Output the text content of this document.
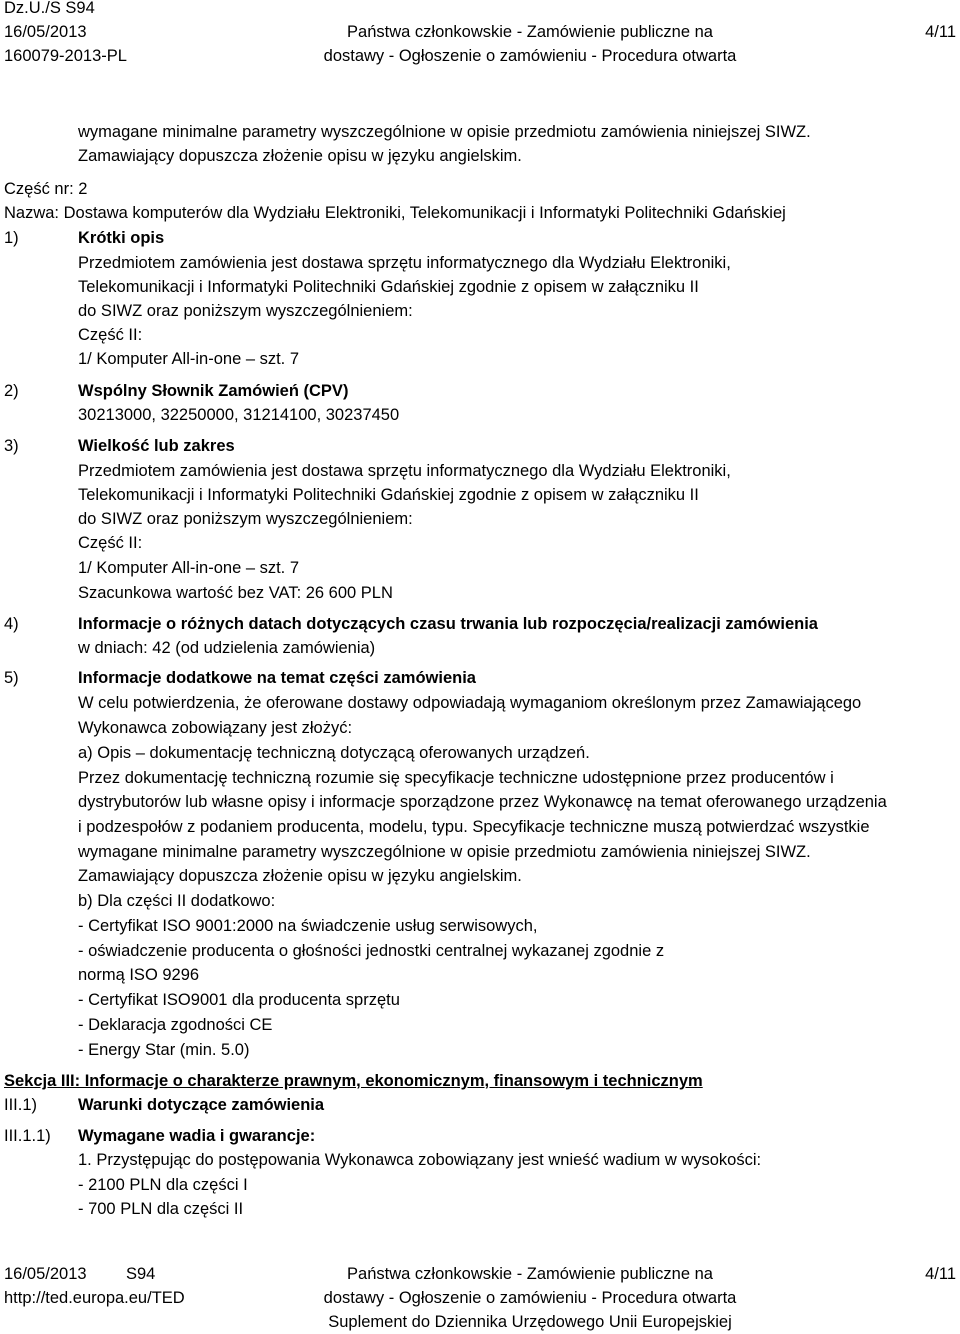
Dz.U./S S94
16/05/2013
160079-2013-PL
Państwa członkowskie - Zamówienie publiczne na
dostawy - Ogłoszenie o zamówieniu - Procedura otwarta
4/11
wymagane minimalne parametry wyszczególnione w opisie przedmiotu zamówienia niniejszej SIWZ.
Zamawiający dopuszcza złożenie opisu w języku angielskim.
Część nr: 2
Nazwa: Dostawa komputerów dla Wydziału Elektroniki, Telekomunikacji i Informatyki Politechniki Gdańskiej
1)	Krótki opis
Przedmiotem zamówienia jest dostawa sprzętu informatycznego dla Wydziału Elektroniki,
Telekomunikacji i Informatyki Politechniki Gdańskiej zgodnie z opisem w załączniku II
do SIWZ oraz poniższym wyszczególnieniem:
Część II:
1/ Komputer All-in-one – szt. 7
2)	Wspólny Słownik Zamówień (CPV)
30213000, 32250000, 31214100, 30237450
3)	Wielkość lub zakres
Przedmiotem zamówienia jest dostawa sprzętu informatycznego dla Wydziału Elektroniki,
Telekomunikacji i Informatyki Politechniki Gdańskiej zgodnie z opisem w załączniku II
do SIWZ oraz poniższym wyszczególnieniem:
Część II:
1/ Komputer All-in-one – szt. 7
Szacunkowa wartość bez VAT: 26 600 PLN
4)	Informacje o różnych datach dotyczących czasu trwania lub rozpoczęcia/realizacji zamówienia
w dniach: 42 (od udzielenia zamówienia)
5)	Informacje dodatkowe na temat części zamówienia
W celu potwierdzenia, że oferowane dostawy odpowiadają wymaganiom określonym przez Zamawiającego
Wykonawca zobowiązany jest złożyć:
a) Opis – dokumentację techniczną dotyczącą oferowanych urządzeń.
Przez dokumentację techniczną rozumie się specyfikacje techniczne udostępnione przez producentów i
dystrybutorów lub własne opisy i informacje sporządzone przez Wykonawcę na temat oferowanego urządzenia
i podzespołów z podaniem producenta, modelu, typu. Specyfikacje techniczne muszą potwierdzać wszystkie
wymagane minimalne parametry wyszczególnione w opisie przedmiotu zamówienia niniejszej SIWZ.
Zamawiający dopuszcza złożenie opisu w języku angielskim.
b) Dla części II dodatkowo:
- Certyfikat ISO 9001:2000 na świadczenie usług serwisowych,
- oświadczenie producenta o głośności jednostki centralnej wykazanej zgodnie z
normą ISO 9296
- Certyfikat ISO9001 dla producenta sprzętu
- Deklaracja zgodności CE
- Energy Star (min. 5.0)
Sekcja III: Informacje o charakterze prawnym, ekonomicznym, finansowym i technicznym
III.1) Warunki dotyczące zamówienia
III.1.1) Wymagane wadia i gwarancje:
1. Przystępując do postępowania Wykonawca zobowiązany jest wnieść wadium w wysokości:
- 2100 PLN dla części I
- 700 PLN dla części II
16/05/2013 S94
http://ted.europa.eu/TED
Państwa członkowskie - Zamówienie publiczne na
dostawy - Ogłoszenie o zamówieniu - Procedura otwarta
Suplement do Dziennika Urzędowego Unii Europejskiej
4/11
